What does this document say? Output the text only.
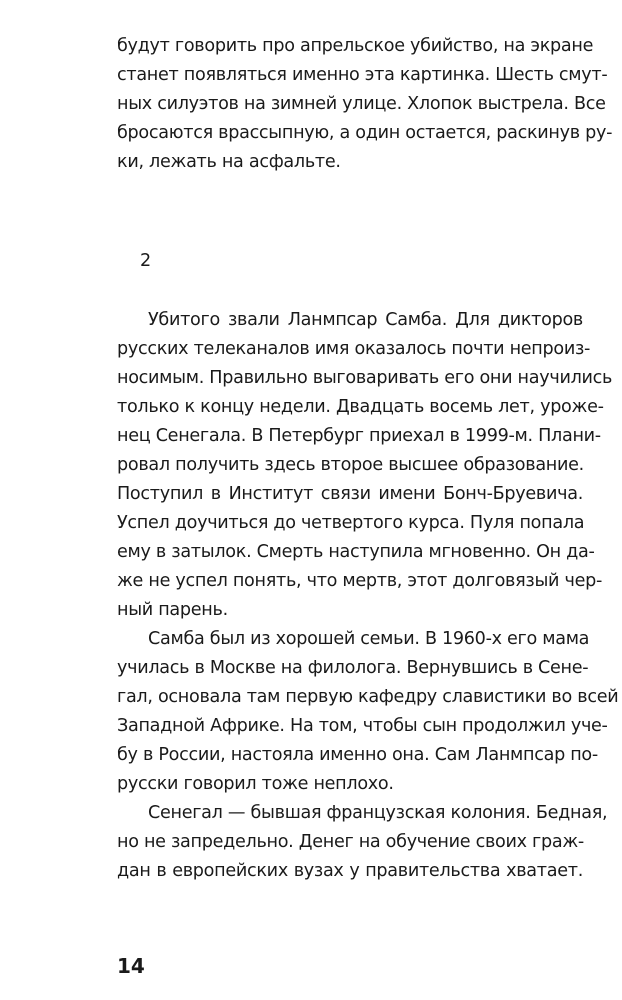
будут говорить про апрельское убийство, на экране

станет появляться именно эта картинка. Шесть смут-

ных силуэтов на зимней улице. Хлопок выстрела. Все

бросаются врассыпную, а один остается, раскинув ру-

ки, лежать на асфальте.

2

Убитого звали Ланмпсар Самба. Для дикторов

русских телеканалов имя оказалось почти непроиз-

носимым. Правильно выговаривать его они научились

только к концу недели. Двадцать восемь лет, уроже-

нец Сенегала. В Петербург приехал в 1999-м. Плани-

ровал получить здесь второе высшее образование.

Поступил в Институт связи имени Бонч-Бруевича.

Успел доучиться до четвертого курса. Пуля попала

ему в затылок. Смерть наступила мгновенно. Он да-

же не успел понять, что мертв, этот долговязый чер-

ный парень.

Самба был из хорошей семьи. В 1960-х его мама

училась в Москве на филолога. Вернувшись в Сене-

гал, основала там первую кафедру славистики во всей

Западной Африке. На том, чтобы сын продолжил уче-

бу в России, настояла именно она. Сам Ланмпсар по-

русски говорил тоже неплохо.

Сенегал — бывшая французская колония. Бедная,

но не запредельно. Денег на обучение своих граж-

дан в европейских вузах у правительства хватает.

14
